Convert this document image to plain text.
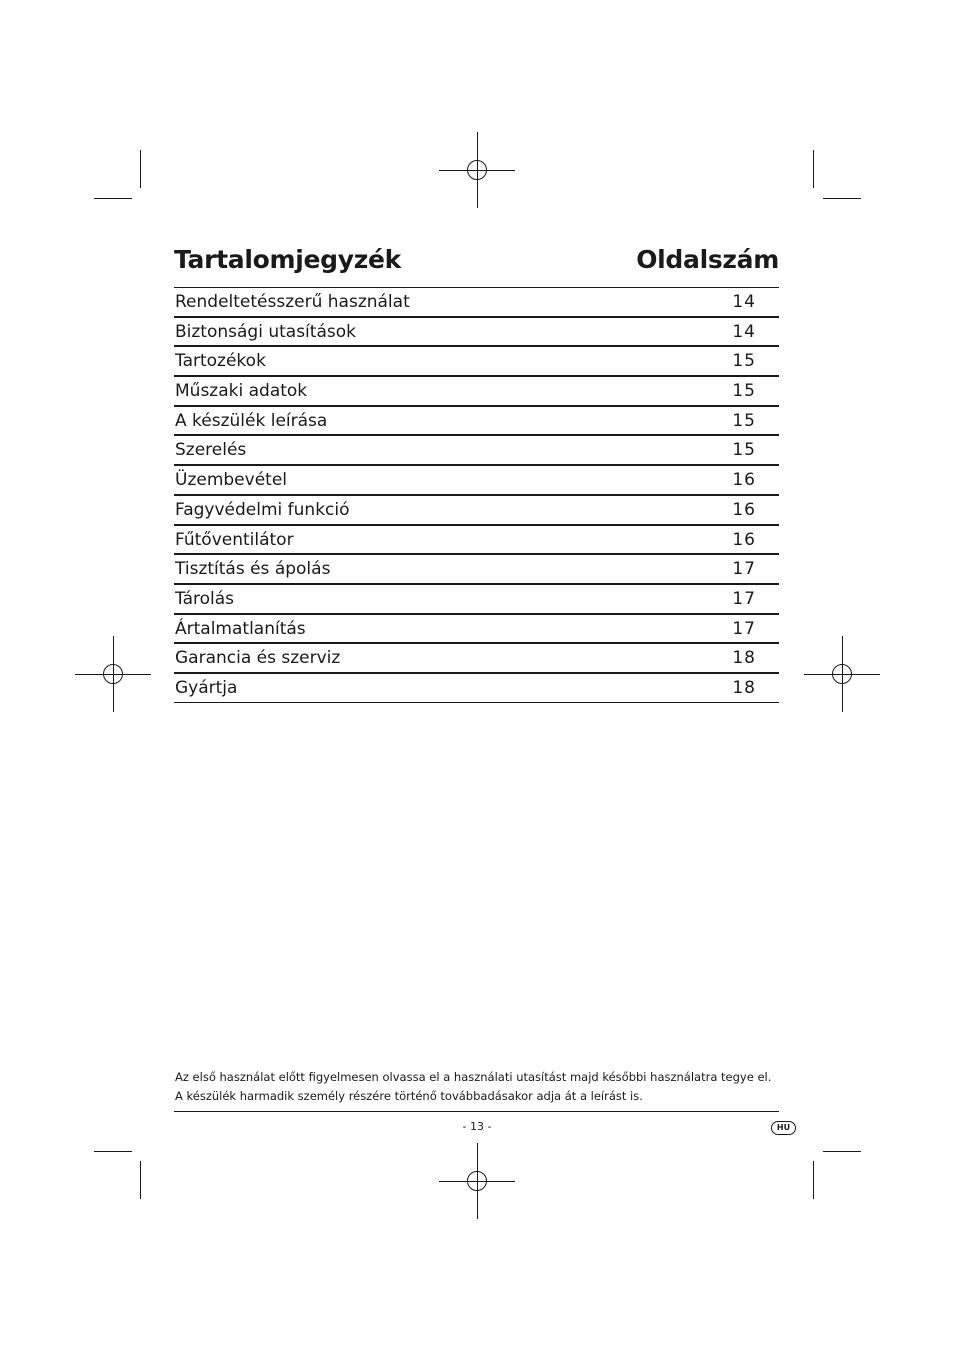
Tartalomjegyzék	Oldalszám
Rendeltetésszerű használat	14
Biztonsági utasítások	14
Tartozékok	15
Műszaki adatok	15
A készülék leírása	15
Szerelés	15
Üzembevétel	16
Fagyvédelmi funkció	16
Fűtőventilátor	16
Tisztítás és ápolás	17
Tárolás	17
Ártalmatlanítás	17
Garancia és szerviz	18
Gyártja	18

Az első használat előtt figyelmesen olvassa el a használati utasítást majd későbbi használatra tegye el.

A készülék harmadik személy részére történő továbbadásakor adja át a leírást is.

- 13 -	HU
